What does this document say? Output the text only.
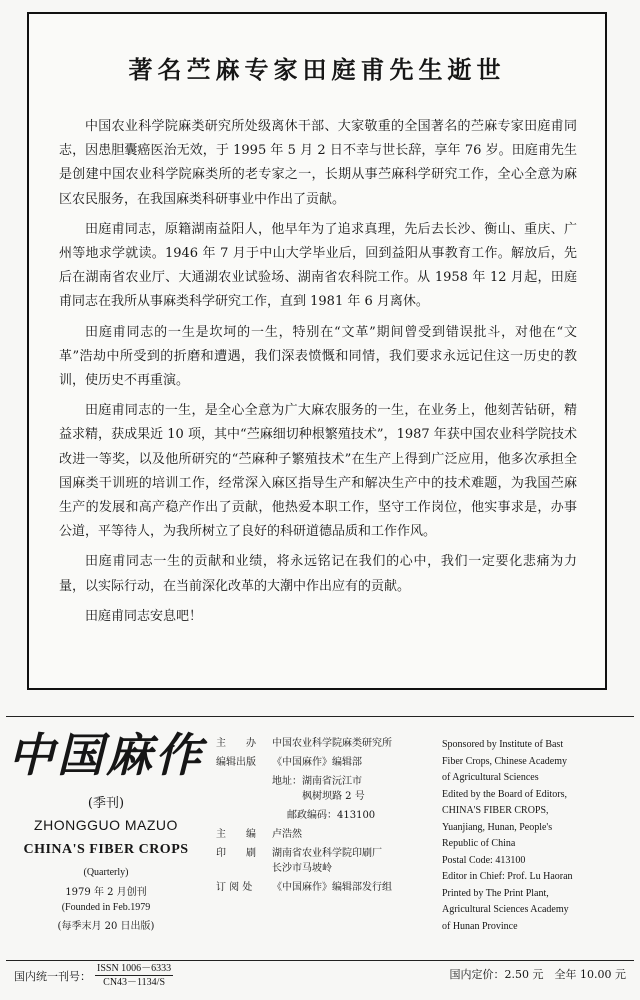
著名苎麻专家田庭甫先生逝世

中国农业科学院麻类研究所处级离休干部、大家敬重的全国著名的苎麻专家田庭甫同志，因患胆囊癌医治无效，于 1995 年 5 月 2 日不幸与世长辞，享年 76 岁。田庭甫先生是创建中国农业科学院麻类所的老专家之一，长期从事苎麻科学研究工作，全心全意为麻区农民服务，在我国麻类科研事业中作出了贡献。

田庭甫同志，原籍湖南益阳人，他早年为了追求真理，先后去长沙、衡山、重庆、广州等地求学就读。1946 年 7 月于中山大学毕业后，回到益阳从事教育工作。解放后，先后在湖南省农业厅、大通湖农业试验场、湖南省农科院工作。从 1958 年 12 月起，田庭甫同志在我所从事麻类科学研究工作，直到 1981 年 6 月离休。

田庭甫同志的一生是坎坷的一生，特别在“文革”期间曾受到错误批斗，对他在“文革”浩劫中所受到的折磨和遭遇，我们深表愤慨和同情，我们要求永远记住这一历史的教训，使历史不再重演。

田庭甫同志的一生，是全心全意为广大麻农服务的一生，在业务上，他刻苦钻研，精益求精，获成果近 10 项，其中“苎麻细切种根繁殖技术”，1987 年获中国农业科学院技术改进一等奖，以及他所研究的“苎麻种子繁殖技术”在生产上得到广泛应用，他多次承担全国麻类干训班的培训工作，经常深入麻区指导生产和解决生产中的技术难题，为我国苎麻生产的发展和高产稳产作出了贡献，他热爱本职工作，坚守工作岗位，他实事求是，办事公道，平等待人，为我所树立了良好的科研道德品质和工作作风。

田庭甫同志一生的贡献和业绩，将永远铭记在我们的心中，我们一定要化悲痛为力量，以实际行动，在当前深化改革的大潮中作出应有的贡献。

田庭甫同志安息吧！

中国麻作
(季刊)
ZHONGGUO MAZUO
CHINA'S FIBER CROPS
(Quarterly)
1979 年 2 月创刊
(Founded in Feb.1979
(每季末月 20 日出版)
主　　办	中国农业科学院麻类研究所
编辑出版	《中国麻作》编辑部
地址：湖南省沅江市
枫树坝路 2 号
邮政编码：413100
主　　编	卢浩然
印　　刷	湖南省农业科学院印刷厂
长沙市马坡岭
订 阅 处	《中国麻作》编辑部发行组
Sponsored by Institute of Bast
Fiber Crops, Chinese Academy
of Agricultural Sciences
Edited by the Board of Editors,
CHINA'S FIBER CROPS,
Yuanjiang, Hunan, People's
Republic of China
Postal Code: 413100
Editor in Chief: Prof. Lu Haoran
Printed by The Print Plant,
Agricultural Sciences Academy
of Hunan Province
国内统一刊号：
ISSN 1006－6333
CN43－1134/S
国内定价：2.50 元　全年 10.00 元
